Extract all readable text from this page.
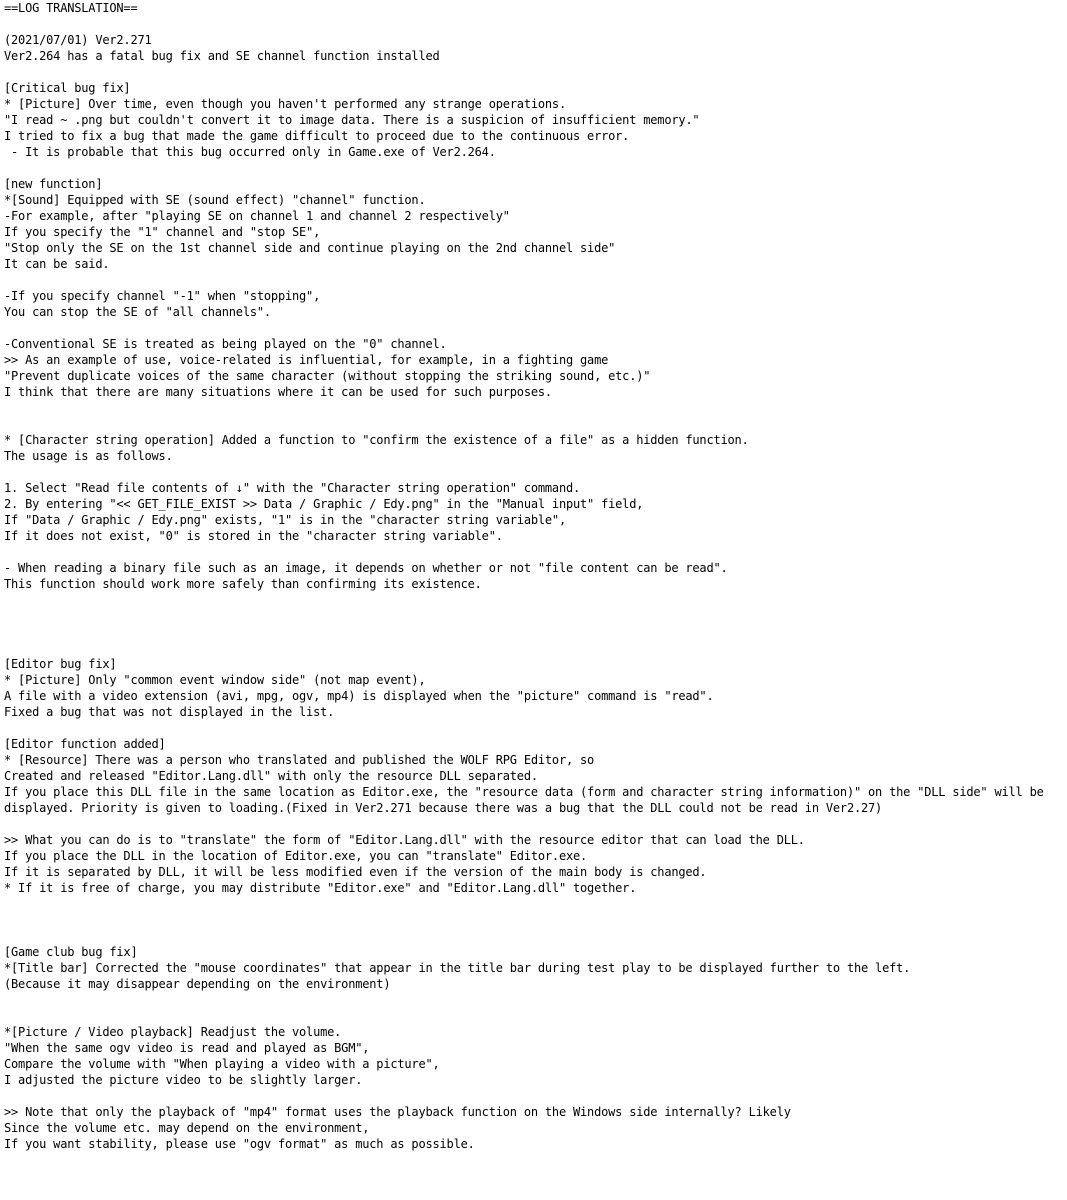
==LOG TRANSLATION==
(2021/07/01) Ver2.271
Ver2.264 has a fatal bug fix and SE channel function installed
[Critical bug fix]
* [Picture] Over time, even though you haven't performed any strange operations.
"I read ~ .png but couldn't convert it to image data. There is a suspicion of insufficient memory."
I tried to fix a bug that made the game difficult to proceed due to the continuous error.
- It is probable that this bug occurred only in Game.exe of Ver2.264.
[new function]
*[Sound] Equipped with SE (sound effect) "channel" function.
-For example, after "playing SE on channel 1 and channel 2 respectively"
If you specify the "1" channel and "stop SE",
"Stop only the SE on the 1st channel side and continue playing on the 2nd channel side"
It can be said.
-If you specify channel "-1" when "stopping",
You can stop the SE of "all channels".
-Conventional SE is treated as being played on the "0" channel.
>> As an example of use, voice-related is influential, for example, in a fighting game
"Prevent duplicate voices of the same character (without stopping the striking sound, etc.)"
I think that there are many situations where it can be used for such purposes.
* [Character string operation] Added a function to "confirm the existence of a file" as a hidden function.
The usage is as follows.
1. Select "Read file contents of ↓" with the "Character string operation" command.
2. By entering "<< GET_FILE_EXIST >> Data / Graphic / Edy.png" in the "Manual input" field,
If "Data / Graphic / Edy.png" exists, "1" is in the "character string variable",
If it does not exist, "0" is stored in the "character string variable".
- When reading a binary file such as an image, it depends on whether or not "file content can be read".
This function should work more safely than confirming its existence.
[Editor bug fix]
* [Picture] Only "common event window side" (not map event),
A file with a video extension (avi, mpg, ogv, mp4) is displayed when the "picture" command is "read".
Fixed a bug that was not displayed in the list.
[Editor function added]
* [Resource] There was a person who translated and published the WOLF RPG Editor, so
Created and released "Editor.Lang.dll" with only the resource DLL separated.
If you place this DLL file in the same location as Editor.exe, the "resource data (form and character string information)" on the "DLL side" will be
displayed. Priority is given to loading.(Fixed in Ver2.271 because there was a bug that the DLL could not be read in Ver2.27)
>> What you can do is to "translate" the form of "Editor.Lang.dll" with the resource editor that can load the DLL.
If you place the DLL in the location of Editor.exe, you can "translate" Editor.exe.
If it is separated by DLL, it will be less modified even if the version of the main body is changed.
* If it is free of charge, you may distribute "Editor.exe" and "Editor.Lang.dll" together.
[Game club bug fix]
*[Title bar] Corrected the "mouse coordinates" that appear in the title bar during test play to be displayed further to the left.
(Because it may disappear depending on the environment)
*[Picture / Video playback] Readjust the volume.
"When the same ogv video is read and played as BGM",
Compare the volume with "When playing a video with a picture",
I adjusted the picture video to be slightly larger.
>> Note that only the playback of "mp4" format uses the playback function on the Windows side internally? Likely
Since the volume etc. may depend on the environment,
If you want stability, please use "ogv format" as much as possible.
